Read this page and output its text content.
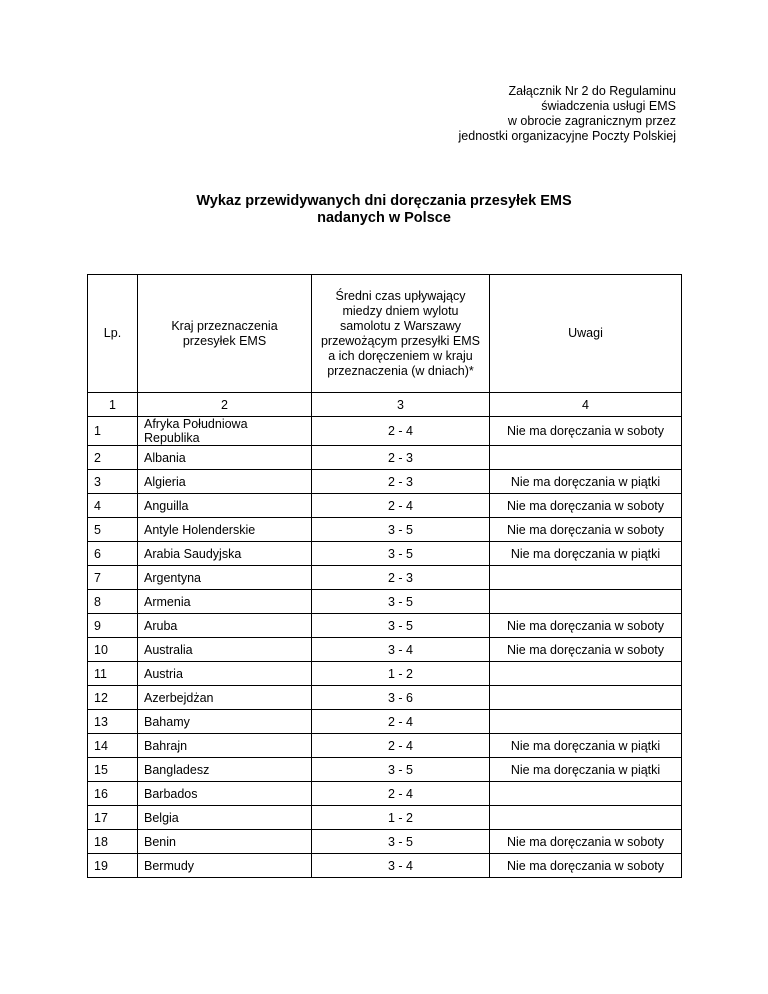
Załącznik Nr 2 do Regulaminu
świadczenia usługi EMS
w obrocie zagranicznym przez
jednostki organizacyjne Poczty Polskiej
Wykaz przewidywanych dni doręczania przesyłek EMS
nadanych w Polsce
Lp.	Kraj przeznaczenia przesyłek EMS	Średni czas upływający miedzy dniem wylotu samolotu z Warszawy przewożącym przesyłki EMS a ich doręczeniem w kraju przeznaczenia (w dniach)*	Uwagi
1	2	3	4
1	Afryka Południowa Republika	2 - 4	Nie ma doręczania w soboty
2	Albania	2 - 3	
3	Algieria	2 - 3	Nie ma doręczania w piątki
4	Anguilla	2 - 4	Nie ma doręczania w soboty
5	Antyle Holenderskie	3 - 5	Nie ma doręczania w soboty
6	Arabia Saudyjska	3 - 5	Nie ma doręczania w piątki
7	Argentyna	2 - 3	
8	Armenia	3 - 5	
9	Aruba	3 - 5	Nie ma doręczania w soboty
10	Australia	3 - 4	Nie ma doręczania w soboty
11	Austria	1 - 2	
12	Azerbejdżan	3 - 6	
13	Bahamy	2 - 4	
14	Bahrajn	2 - 4	Nie ma doręczania w piątki
15	Bangladesz	3 - 5	Nie ma doręczania w piątki
16	Barbados	2 - 4	
17	Belgia	1 - 2	
18	Benin	3 - 5	Nie ma doręczania w soboty
19	Bermudy	3 - 4	Nie ma doręczania w soboty
